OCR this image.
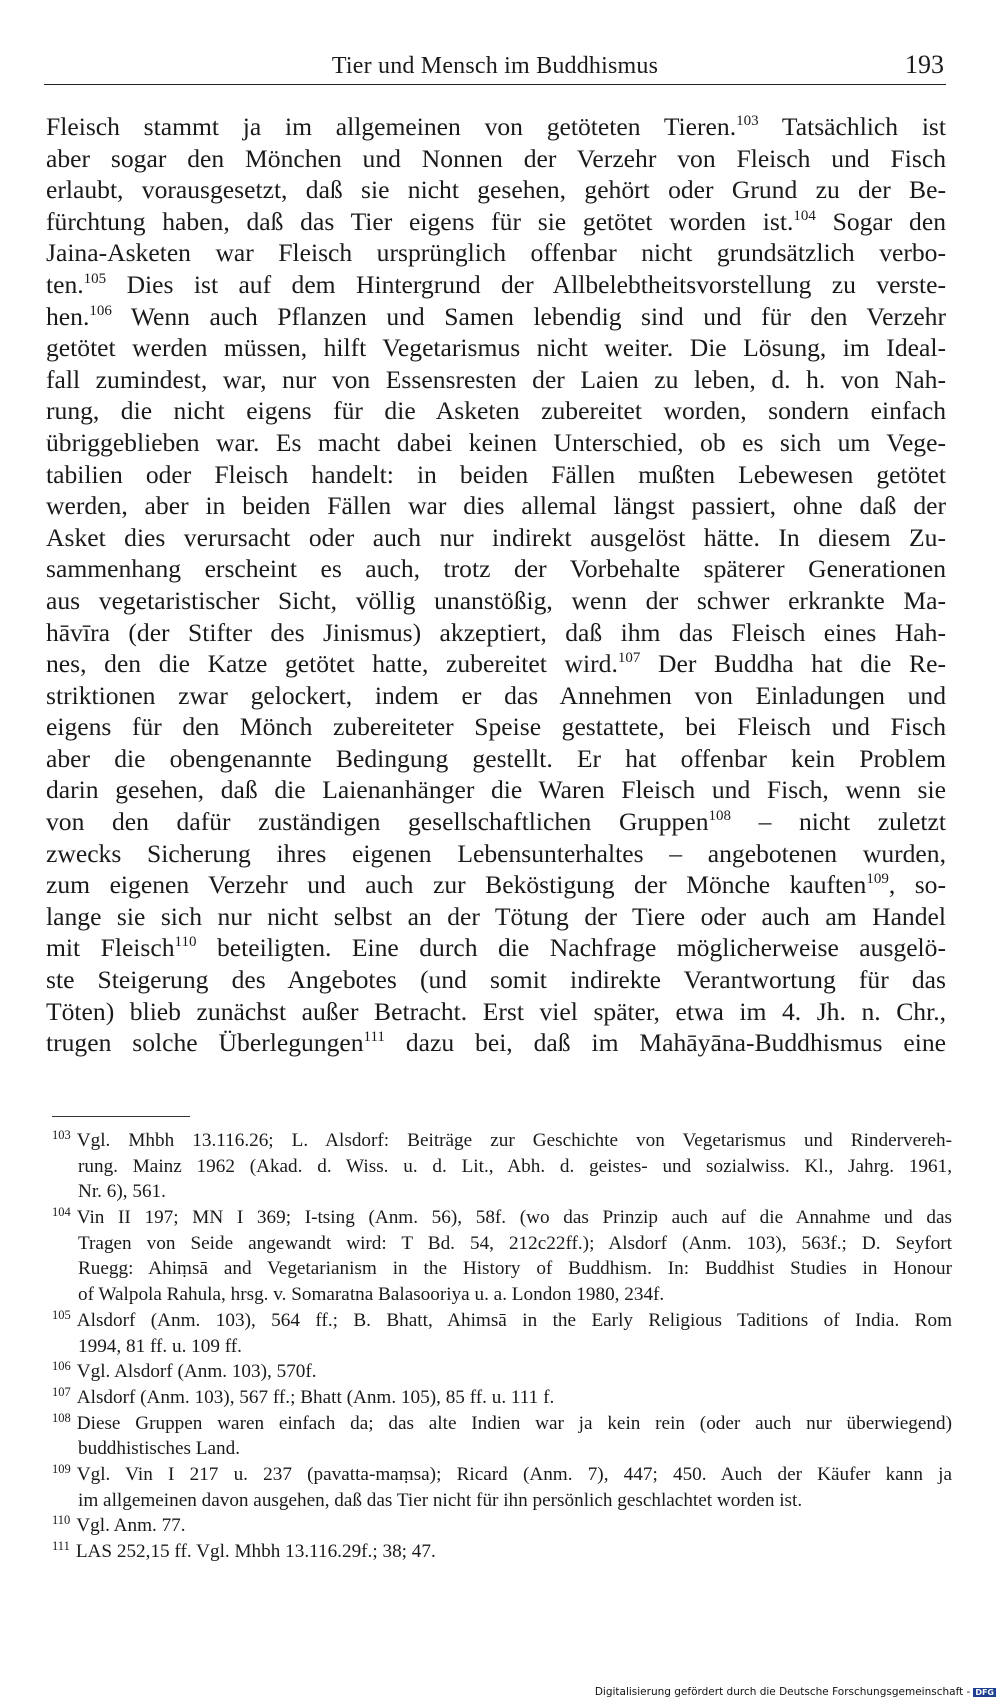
Tier und Mensch im Buddhismus	193
Fleisch stammt ja im allgemeinen von getöteten Tieren.$^{103}$ Tatsächlich ist
aber sogar den Mönchen und Nonnen der Verzehr von Fleisch und Fisch
erlaubt, vorausgesetzt, daß sie nicht gesehen, gehört oder Grund zu der Be-
fürchtung haben, daß das Tier eigens für sie getötet worden ist.$^{104}$ Sogar den
Jaina-Asketen war Fleisch ursprünglich offenbar nicht grundsätzlich verbo-
ten.$^{105}$ Dies ist auf dem Hintergrund der Allbelebtheitsvorstellung zu verste-
hen.$^{106}$ Wenn auch Pflanzen und Samen lebendig sind und für den Verzehr
getötet werden müssen, hilft Vegetarismus nicht weiter. Die Lösung, im Ideal-
fall zumindest, war, nur von Essensresten der Laien zu leben, d. h. von Nah-
rung, die nicht eigens für die Asketen zubereitet worden, sondern einfach
übriggeblieben war. Es macht dabei keinen Unterschied, ob es sich um Vege-
tabilien oder Fleisch handelt: in beiden Fällen mußten Lebewesen getötet
werden, aber in beiden Fällen war dies allemal längst passiert, ohne daß der
Asket dies verursacht oder auch nur indirekt ausgelöst hätte. In diesem Zu-
sammenhang erscheint es auch, trotz der Vorbehalte späterer Generationen
aus vegetaristischer Sicht, völlig unanstößig, wenn der schwer erkrankte Ma-
hāvīra (der Stifter des Jinismus) akzeptiert, daß ihm das Fleisch eines Hah-
nes, den die Katze getötet hatte, zubereitet wird.$^{107}$ Der Buddha hat die Re-
striktionen zwar gelockert, indem er das Annehmen von Einladungen und
eigens für den Mönch zubereiteter Speise gestattete, bei Fleisch und Fisch
aber die obengenannte Bedingung gestellt. Er hat offenbar kein Problem
darin gesehen, daß die Laienanhänger die Waren Fleisch und Fisch, wenn sie
von den dafür zuständigen gesellschaftlichen Gruppen$^{108}$ – nicht zuletzt
zwecks Sicherung ihres eigenen Lebensunterhaltes – angebotenen wurden,
zum eigenen Verzehr und auch zur Beköstigung der Mönche kauften$^{109}$, so-
lange sie sich nur nicht selbst an der Tötung der Tiere oder auch am Handel
mit Fleisch$^{110}$ beteiligten. Eine durch die Nachfrage möglicherweise ausgelö-
ste Steigerung des Angebotes (und somit indirekte Verantwortung für das
Töten) blieb zunächst außer Betracht. Erst viel später, etwa im 4. Jh. n. Chr.,
trugen solche Überlegungen$^{111}$ dazu bei, daß im Mahāyāna-Buddhismus eine
$^{103}$ Vgl. Mhbh 13.116.26; L. Alsdorf: Beiträge zur Geschichte von Vegetarismus und Rindervereh-
rung. Mainz 1962 (Akad. d. Wiss. u. d. Lit., Abh. d. geistes- und sozialwiss. Kl., Jahrg. 1961,
Nr. 6), 561.
$^{104}$ Vin II 197; MN I 369; I-tsing (Anm. 56), 58f. (wo das Prinzip auch auf die Annahme und das
Tragen von Seide angewandt wird: T Bd. 54, 212c22ff.); Alsdorf (Anm. 103), 563f.; D. Seyfort
Ruegg: Ahiṃsā and Vegetarianism in the History of Buddhism. In: Buddhist Studies in Honour
of Walpola Rahula, hrsg. v. Somaratna Balasooriya u. a. London 1980, 234f.
$^{105}$ Alsdorf (Anm. 103), 564 ff.; B. Bhatt, Ahimsā in the Early Religious Taditions of India. Rom
1994, 81 ff. u. 109 ff.
$^{106}$ Vgl. Alsdorf (Anm. 103), 570f.
$^{107}$ Alsdorf (Anm. 103), 567 ff.; Bhatt (Anm. 105), 85 ff. u. 111 f.
$^{108}$ Diese Gruppen waren einfach da; das alte Indien war ja kein rein (oder auch nur überwiegend)
buddhistisches Land.
$^{109}$ Vgl. Vin I 217 u. 237 (pavatta-maṃsa); Ricard (Anm. 7), 447; 450. Auch der Käufer kann ja
im allgemeinen davon ausgehen, daß das Tier nicht für ihn persönlich geschlachtet worden ist.
$^{110}$ Vgl. Anm. 77.
$^{111}$ LAS 252,15 ff. Vgl. Mhbh 13.116.29f.; 38; 47.
Digitalisierung gefördert durch die Deutsche Forschungsgemeinschaft - DFG
